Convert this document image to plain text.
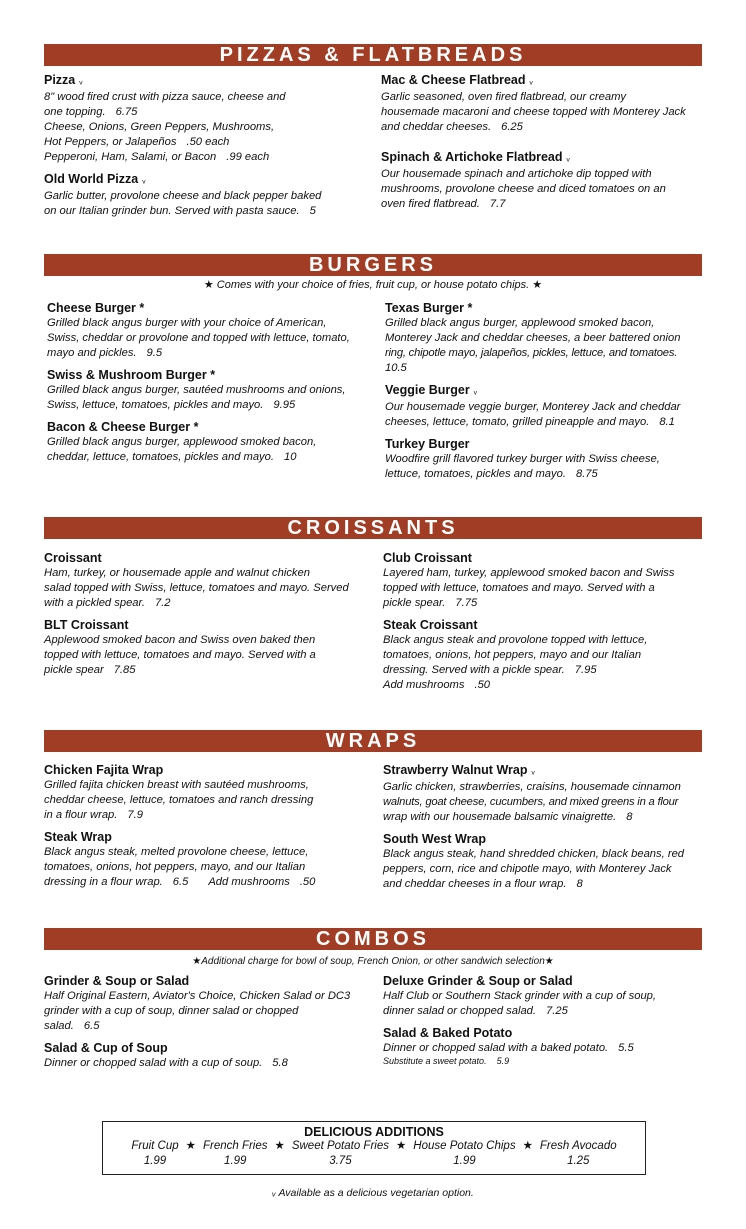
PIZZAS & FLATBREADS
Pizza ᵥ
8" wood fired crust with pizza sauce, cheese and
one topping. 6.75
Cheese, Onions, Green Peppers, Mushrooms,
Hot Peppers, or Jalapeños .50 each
Pepperoni, Ham, Salami, or Bacon .99 each
Old World Pizza ᵥ
Garlic butter, provolone cheese and black pepper baked
on our Italian grinder bun. Served with pasta sauce. 5
Mac & Cheese Flatbread ᵥ
Garlic seasoned, oven fired flatbread, our creamy
housemade macaroni and cheese topped with Monterey Jack
and cheddar cheeses. 6.25
Spinach & Artichoke Flatbread ᵥ
Our housemade spinach and artichoke dip topped with
mushrooms, provolone cheese and diced tomatoes on an
oven fired flatbread. 7.7
BURGERS
★ Comes with your choice of fries, fruit cup, or house potato chips. ★
Cheese Burger *
Grilled black angus burger with your choice of American,
Swiss, cheddar or provolone and topped with lettuce, tomato,
mayo and pickles. 9.5
Swiss & Mushroom Burger *
Grilled black angus burger, sautéed mushrooms and onions,
Swiss, lettuce, tomatoes, pickles and mayo. 9.95
Bacon & Cheese Burger *
Grilled black angus burger, applewood smoked bacon,
cheddar, lettuce, tomatoes, pickles and mayo. 10
Texas Burger *
Grilled black angus burger, applewood smoked bacon,
Monterey Jack and cheddar cheeses, a beer battered onion
ring, chipotle mayo, jalapeños, pickles, lettuce, and tomatoes.
10.5
Veggie Burger ᵥ
Our housemade veggie burger, Monterey Jack and cheddar
cheeses, lettuce, tomato, grilled pineapple and mayo. 8.1
Turkey Burger
Woodfire grill flavored turkey burger with Swiss cheese,
lettuce, tomatoes, pickles and mayo. 8.75
CROISSANTS
Croissant
Ham, turkey, or housemade apple and walnut chicken
salad topped with Swiss, lettuce, tomatoes and mayo. Served
with a pickled spear. 7.2
BLT Croissant
Applewood smoked bacon and Swiss oven baked then
topped with lettuce, tomatoes and mayo. Served with a
pickle spear 7.85
Club Croissant
Layered ham, turkey, applewood smoked bacon and Swiss
topped with lettuce, tomatoes and mayo. Served with a
pickle spear. 7.75
Steak Croissant
Black angus steak and provolone topped with lettuce,
tomatoes, onions, hot peppers, mayo and our Italian
dressing. Served with a pickle spear. 7.95
Add mushrooms .50
WRAPS
Chicken Fajita Wrap
Grilled fajita chicken breast with sautéed mushrooms,
cheddar cheese, lettuce, tomatoes and ranch dressing
in a flour wrap. 7.9
Steak Wrap
Black angus steak, melted provolone cheese, lettuce,
tomatoes, onions, hot peppers, mayo, and our Italian
dressing in a flour wrap. 6.5 Add mushrooms .50
Strawberry Walnut Wrap ᵥ
Garlic chicken, strawberries, craisins, housemade cinnamon
walnuts, goat cheese, cucumbers, and mixed greens in a flour
wrap with our housemade balsamic vinaigrette. 8
South West Wrap
Black angus steak, hand shredded chicken, black beans, red
peppers, corn, rice and chipotle mayo, with Monterey Jack
and cheddar cheeses in a flour wrap. 8
COMBOS
★Additional charge for bowl of soup, French Onion, or other sandwich selection★
Grinder & Soup or Salad
Half Original Eastern, Aviator's Choice, Chicken Salad or DC3
grinder with a cup of soup, dinner salad or chopped
salad. 6.5
Salad & Cup of Soup
Dinner or chopped salad with a cup of soup. 5.8
Deluxe Grinder & Soup or Salad
Half Club or Southern Stack grinder with a cup of soup,
dinner salad or chopped salad. 7.25
Salad & Baked Potato
Dinner or chopped salad with a baked potato. 5.5
Substitute a sweet potato. 5.9
DELICIOUS ADDITIONS
Fruit Cup
1.99
★ French Fries
1.99
★ Sweet Potato Fries
3.75
★ House Potato Chips
1.99
★ Fresh Avocado
1.25
ᵥ Available as a delicious vegetarian option.
